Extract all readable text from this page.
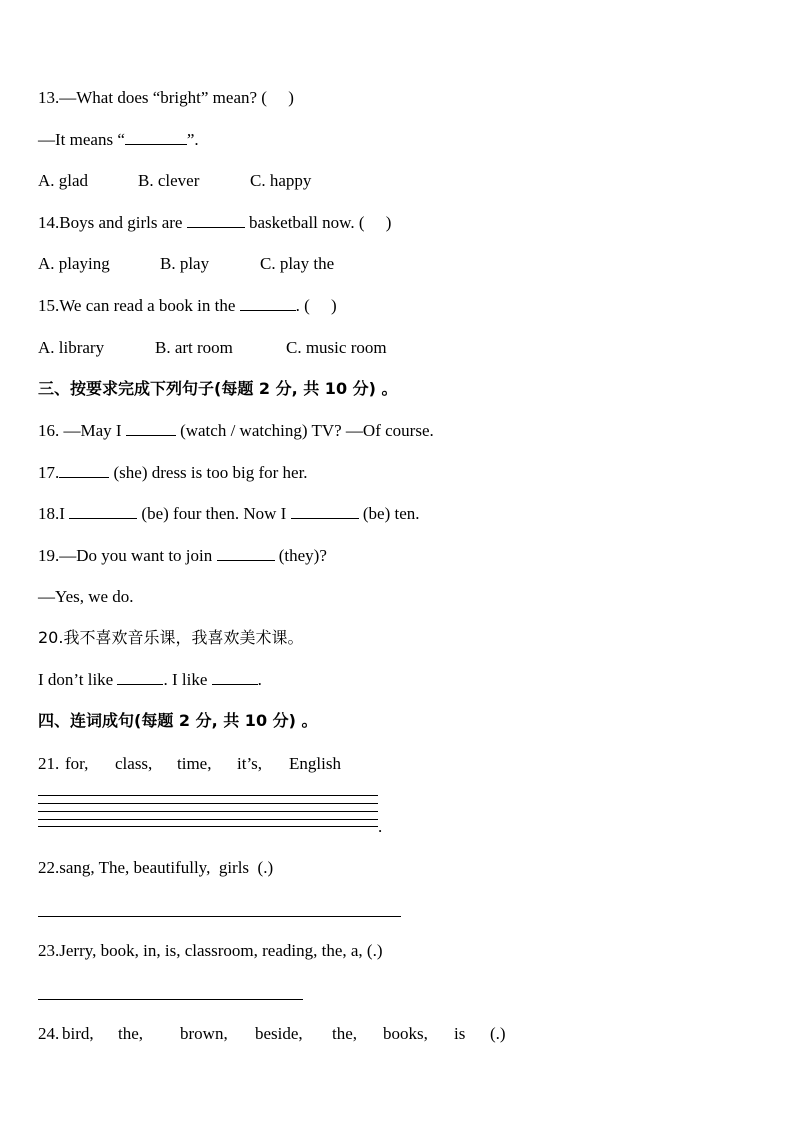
13.—What does “bright” mean? (     )
—It means “	”.
A. glad	B. clever	C. happy
14.Boys and girls are	basketball now. (     )
A. playing	B. play	C. play the
15.We can read a book in the	. (     )
A. library	B. art room	C. music room
三、按要求完成下列句子(每题 2 分, 共 10 分) 。
16. —May I	(watch / watching) TV? —Of course.
17.	(she) dress is too big for her.
18.I	(be) four then. Now I	(be) ten.
19.—Do you want to join	(they)?
—Yes, we do.
20.我不喜欢音乐课，我喜欢美术课。
I don’t like	. I like	.
四、连词成句(每题 2 分, 共 10 分) 。
21. for, class, time, it’s, English
.
22.sang, The, beautifully,  girls  (.)
23.Jerry, book, in, is, classroom, reading, the, a, (.)
24. bird, the, brown, beside, the, books, is (.)
